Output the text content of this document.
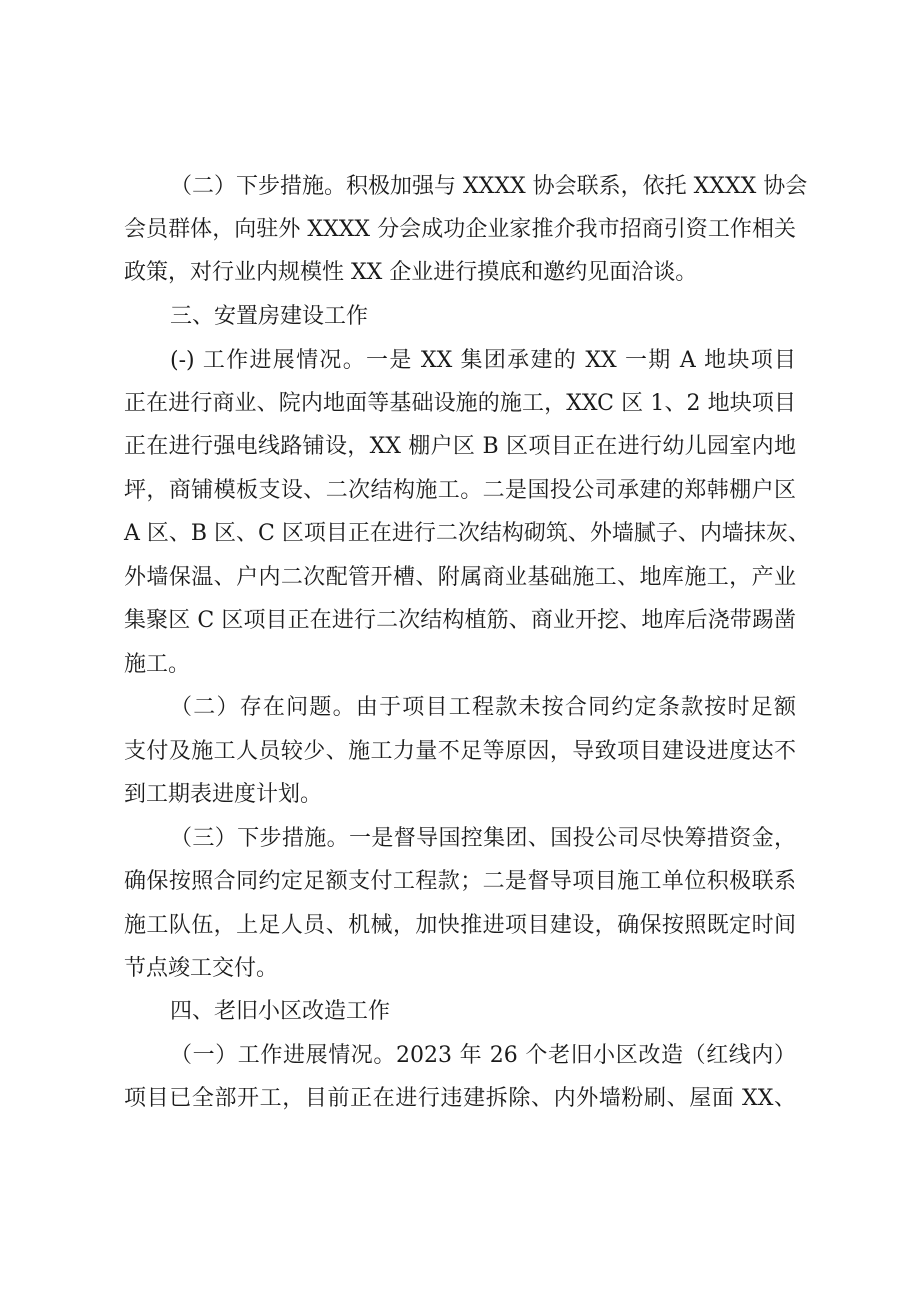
（二）下步措施。积极加强与 XXXX 协会联系，依托 XXXX 协会
会员群体，向驻外 XXXX 分会成功企业家推介我市招商引资工作相关
政策，对行业内规模性 XX 企业进行摸底和邀约见面洽谈。
三、安置房建设工作
(-) 工作进展情况。一是 XX 集团承建的 XX 一期 A 地块项目
正在进行商业、院内地面等基础设施的施工，XXC 区 1、2 地块项目
正在进行强电线路铺设，XX 棚户区 B 区项目正在进行幼儿园室内地
坪，商铺模板支设、二次结构施工。二是国投公司承建的郑韩棚户区
A 区、B 区、C 区项目正在进行二次结构砌筑、外墙腻子、内墙抹灰、
外墙保温、户内二次配管开槽、附属商业基础施工、地库施工，产业
集聚区 C 区项目正在进行二次结构植筋、商业开挖、地库后浇带踢凿
施工。
（二）存在问题。由于项目工程款未按合同约定条款按时足额
支付及施工人员较少、施工力量不足等原因，导致项目建设进度达不
到工期表进度计划。
（三）下步措施。一是督导国控集团、国投公司尽快筹措资金，
确保按照合同约定足额支付工程款；二是督导项目施工单位积极联系
施工队伍，上足人员、机械，加快推进项目建设，确保按照既定时间
节点竣工交付。
四、老旧小区改造工作
（一）工作进展情况。2023 年 26 个老旧小区改造（红线内）
项目已全部开工，目前正在进行违建拆除、内外墙粉刷、屋面 XX、
